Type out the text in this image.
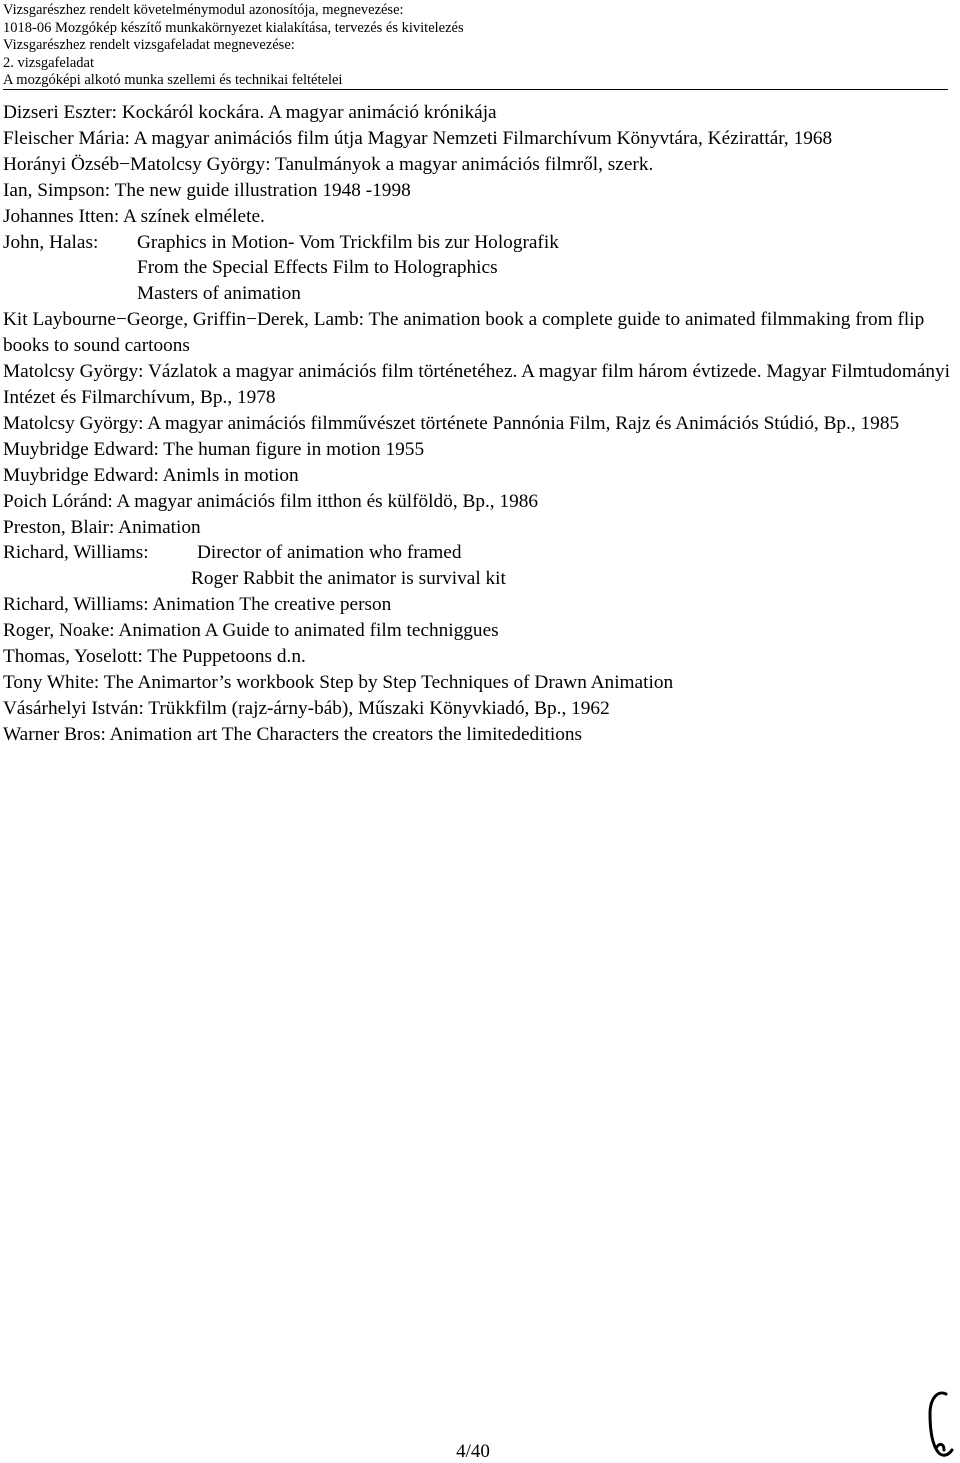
Vizsgarészhez rendelt követelménymodul azonosítója, megnevezése:
1018-06 Mozgókép készítő munkakörnyezet kialakítása, tervezés és kivitelezés
Vizsgarészhez rendelt vizsgafeladat megnevezése:
2. vizsgafeladat
A mozgóképi alkotó munka szellemi és technikai feltételei
Dizseri Eszter: Kockáról kockára. A magyar animáció krónikája
Fleischer Mária: A magyar animációs film útja Magyar Nemzeti Filmarchívum Könyvtára, Kézirattár, 1968
Horányi Özséb−Matolcsy György: Tanulmányok a magyar animációs filmről, szerk.
Ian, Simpson: The new guide illustration 1948 -1998
Johannes Itten: A színek elmélete.
John, Halas: Graphics in Motion- Vom Trickfilm bis zur Holografik
From the Special Effects Film to Holographics
Masters of animation
Kit Laybourne−George, Griffin−Derek, Lamb: The animation book a complete guide to animated filmmaking from flip books to sound cartoons
Matolcsy György: Vázlatok a magyar animációs film történetéhez. A magyar film három évtizede. Magyar Filmtudományi Intézet és Filmarchívum, Bp., 1978
Matolcsy György: A magyar animációs filmművészet története Pannónia Film, Rajz és Animációs Stúdió, Bp., 1985
Muybridge Edward: The human figure in motion 1955
Muybridge Edward: Animls in motion
Poich Lóránd: A magyar animációs film itthon és külföldö, Bp., 1986
Preston, Blair: Animation
Richard, Williams:	Director of animation who framed
Roger Rabbit the animator is survival kit
Richard, Williams: Animation The creative person
Roger, Noake: Animation A Guide to animated film techniggues
Thomas, Yoselott: The Puppetoons d.n.
Tony White: The Animartor’s workbook Step by Step Techniques of Drawn Animation
Vásárhelyi István: Trükkfilm (rajz-árny-báb), Műszaki Könyvkiadó, Bp., 1962
Warner Bros: Animation art The Characters the creators the limitededitions
4/40
